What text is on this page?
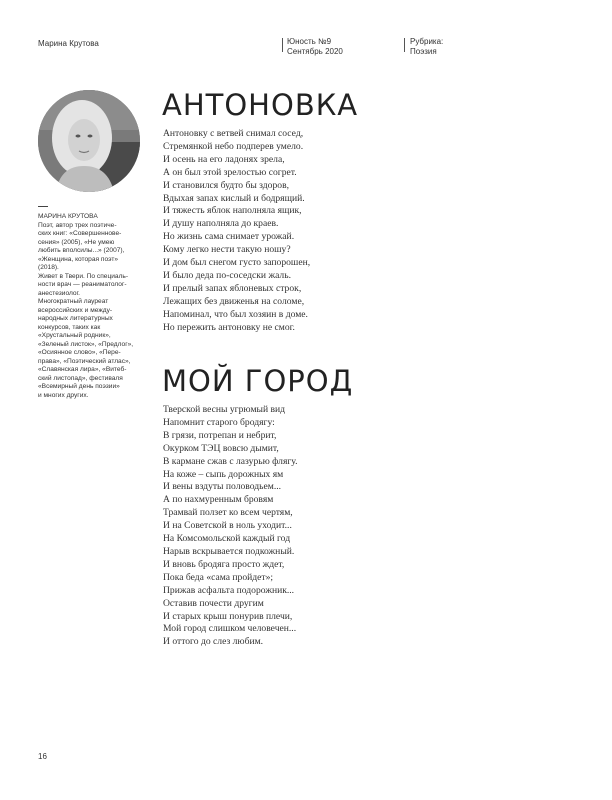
Марина Крутова	Юность №9
Сентябрь 2020
Рубрика:
Поэзия
МАРИНА КРУТОВА
Поэт, автор трех поэтиче-
ских книг: «Совершеннове-
сения» (2005), «Не умею
любить вполсилы...» (2007),
«Женщина, которая поэт»
(2018).
Живет в Твери. По специаль-
ности врач — реаниматолог-
анестезиолог.
Многократный лауреат
всероссийских и между-
народных литературных
конкурсов, таких как
«Хрустальный родник»,
«Зеленый листок», «Предлог»,
«Осиянное слово», «Пере-
права», «Поэтический атлас»,
«Славянская лира», «Витеб-
ский листопад», фестиваля
«Всемирный день поэзии»
и многих других.
АНТОНОВКА
Антоновку с ветвей снимал сосед,
Стремянкой небо подперев умело.
И осень на его ладонях зрела,
А он был этой зрелостью согрет.
И становился будто бы здоров,
Вдыхая запах кислый и бодрящий.
И тяжесть яблок наполняла ящик,
И душу наполняла до краев.
Но жизнь сама снимает урожай.
Кому легко нести такую ношу?
И дом был снегом густо запорошен,
И было деда по-соседски жаль.
И прелый запах яблоневых строк,
Лежащих без движенья на соломе,
Напоминал, что был хозяин в доме.
Но пережить антоновку не смог.
МОЙ ГОРОД
Тверской весны угрюмый вид
Напомнит старого бродягу:
В грязи, потрепан и небрит,
Окурком ТЭЦ вовсю дымит,
В кармане сжав с лазурью флягу.
На коже – сыпь дорожных ям
И вены вздуты половодьем...
А по нахмуренным бровям
Трамвай ползет ко всем чертям,
И на Советской в ноль уходит...
На Комсомольской каждый год
Нарыв вскрывается подкожный.
И вновь бродяга просто ждет,
Пока беда «сама пройдет»;
Прижав асфальта подорожник...
Оставив почести другим
И старых крыш понурив плечи,
Мой город слишком человечен...
И оттого до слез любим.
16
